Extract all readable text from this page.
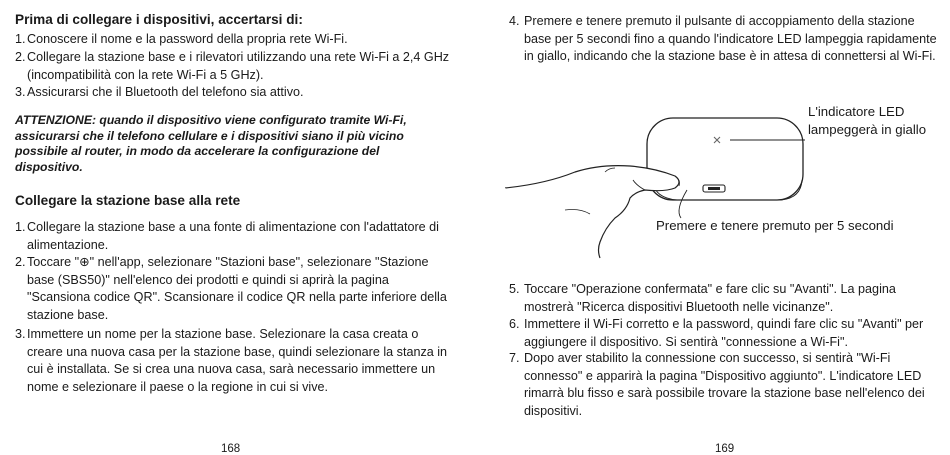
Prima di collegare i dispositivi, accertarsi di:
1. Conoscere il nome e la password della propria rete Wi-Fi.
2. Collegare la stazione base e i rilevatori utilizzando una rete Wi-Fi a 2,4 GHz (incompatibilità con la rete Wi-Fi a 5 GHz).
3. Assicurarsi che il Bluetooth del telefono sia attivo.
ATTENZIONE: quando il dispositivo viene configurato tramite Wi-Fi, assicurarsi che il telefono cellulare e i dispositivi siano il più vicino possibile al router, in modo da accelerare la configurazione del dispositivo.
Collegare la stazione base alla rete
1. Collegare la stazione base a una fonte di alimentazione con l'adattatore di alimentazione.
2. Toccare "⊕" nell'app, selezionare "Stazioni base", selezionare "Stazione base (SBS50)" nell'elenco dei prodotti e quindi si aprirà la pagina "Scansiona codice QR". Scansionare il codice QR nella parte inferiore della stazione base.
3. Immettere un nome per la stazione base. Selezionare la casa creata o creare una nuova casa per la stazione base, quindi selezionare la stanza in cui è installata. Se si crea una nuova casa, sarà necessario immettere un nome e selezionare il paese o la regione in cui si vive.
168
4. Premere e tenere premuto il pulsante di accoppiamento della stazione base per 5 secondi fino a quando l'indicatore LED lampeggia rapidamente in giallo, indicando che la stazione base è in attesa di connettersi al Wi-Fi.
L'indicatore LED lampeggerà in giallo
Premere e tenere premuto per 5 secondi
5. Toccare "Operazione confermata" e fare clic su "Avanti". La pagina mostrerà "Ricerca dispositivi Bluetooth nelle vicinanze".
6. Immettere il Wi-Fi corretto e la password, quindi fare clic su "Avanti" per aggiungere il dispositivo. Si sentirà "connessione a Wi-Fi".
7. Dopo aver stabilito la connessione con successo, si sentirà "Wi-Fi connesso" e apparirà la pagina "Dispositivo aggiunto". L'indicatore LED rimarrà blu fisso e sarà possibile trovare la stazione base nell'elenco dei dispositivi.
169
